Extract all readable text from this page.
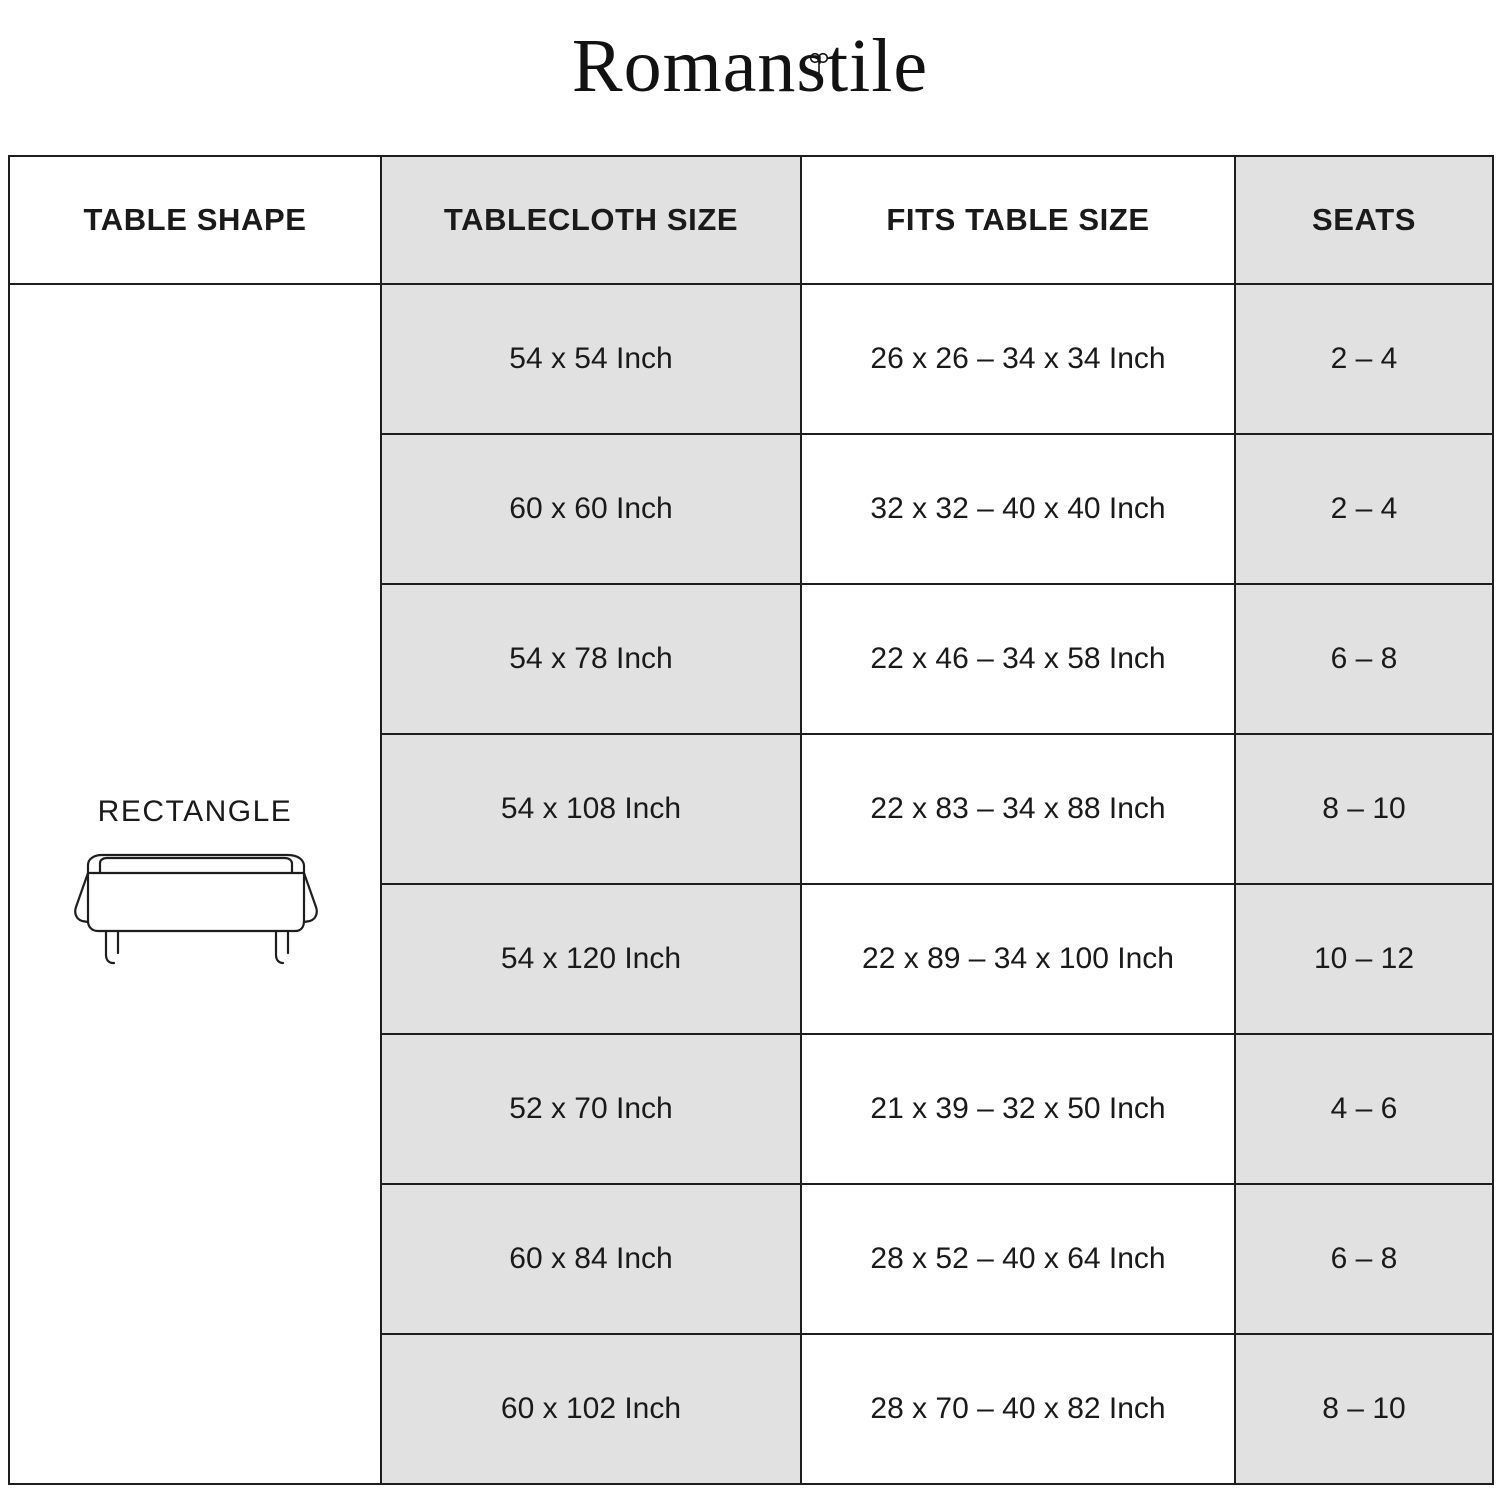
Romanstile
TABLE SHAPE	TABLECLOTH SIZE	FITS TABLE SIZE	SEATS

RECTANGLE	54 x 54 Inch	26 x 26 – 34 x 34 Inch	2 – 4
	60 x 60 Inch	32 x 32 – 40 x 40 Inch	2 – 4
	54 x 78 Inch	22 x 46 – 34 x 58 Inch	6 – 8
	54 x 108 Inch	22 x 83 – 34 x 88 Inch	8 – 10
	54 x 120 Inch	22 x 89 – 34 x 100 Inch	10 – 12
	52 x 70 Inch	21 x 39 – 32 x 50 Inch	4 – 6
	60 x 84 Inch	28 x 52 – 40 x 64 Inch	6 – 8
	60 x 102 Inch	28 x 70 – 40 x 82 Inch	8 – 10
